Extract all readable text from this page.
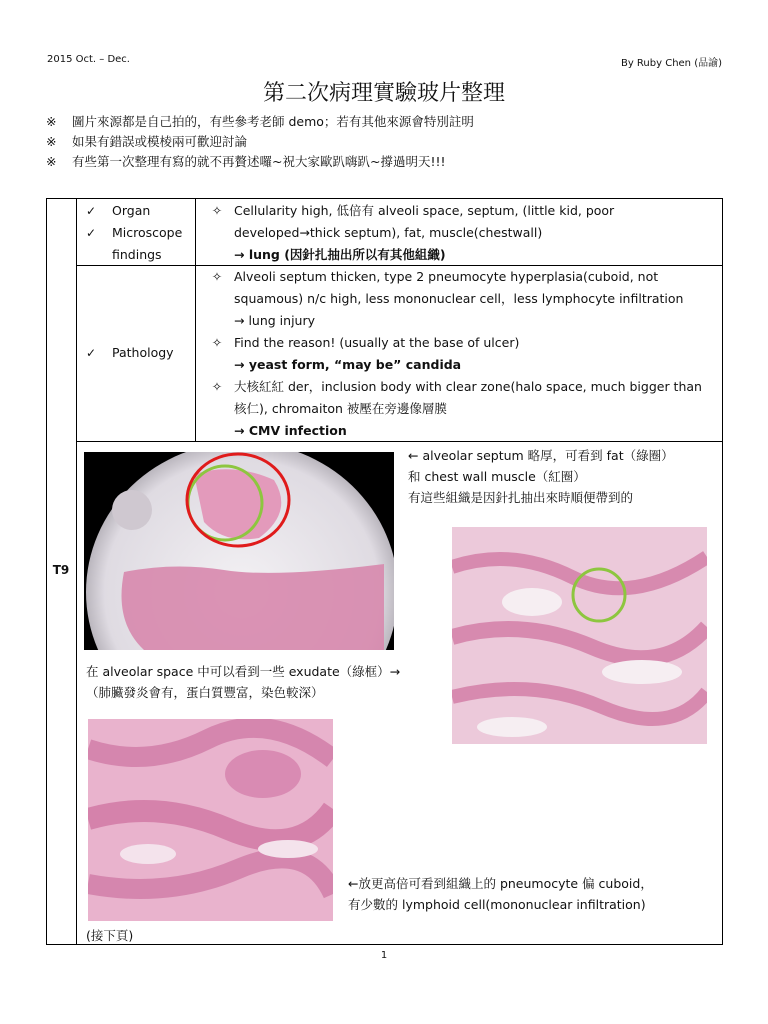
2015 Oct. – Dec.	By Ruby Chen (品諭)
第二次病理實驗玻片整理
※ 圖片來源都是自己拍的，有些參考老師 demo；若有其他來源會特別註明
※ 如果有錯誤或模棱兩可歡迎討論
※ 有些第一次整理有寫的就不再贅述囉~祝大家歐趴嗨趴~撐過明天!!!
T9
✓ Organ
✓ Microscope
findings
✧ Cellularity high, 低倍有 alveoli space, septum, (little kid, poor
developed→thick septum), fat, muscle(chestwall)
→ lung (因針扎抽出所以有其他組織)
✓ Pathology
✧ Alveoli septum thicken, type 2 pneumocyte hyperplasia(cuboid, not
squamous) n/c high, less mononuclear cell，less lymphocyte infiltration
→ lung injury
✧ Find the reason! (usually at the base of ulcer)
→ yeast form, “may be” candida
✧ 大核紅紅 der，inclusion body with clear zone(halo space, much bigger than
核仁), chromaiton 被壓在旁邊像層膜
→ CMV infection
← alveolar septum 略厚，可看到 fat（綠圈）
和 chest wall muscle（紅圈）
有這些組織是因針扎抽出來時順便帶到的
在 alveolar space 中可以看到一些 exudate（綠框）→
（肺臟發炎會有，蛋白質豐富，染色較深）
←放更高倍可看到組織上的 pneumocyte 偏 cuboid，
有少數的 lymphoid cell(mononuclear infiltration)
(接下頁)
1
